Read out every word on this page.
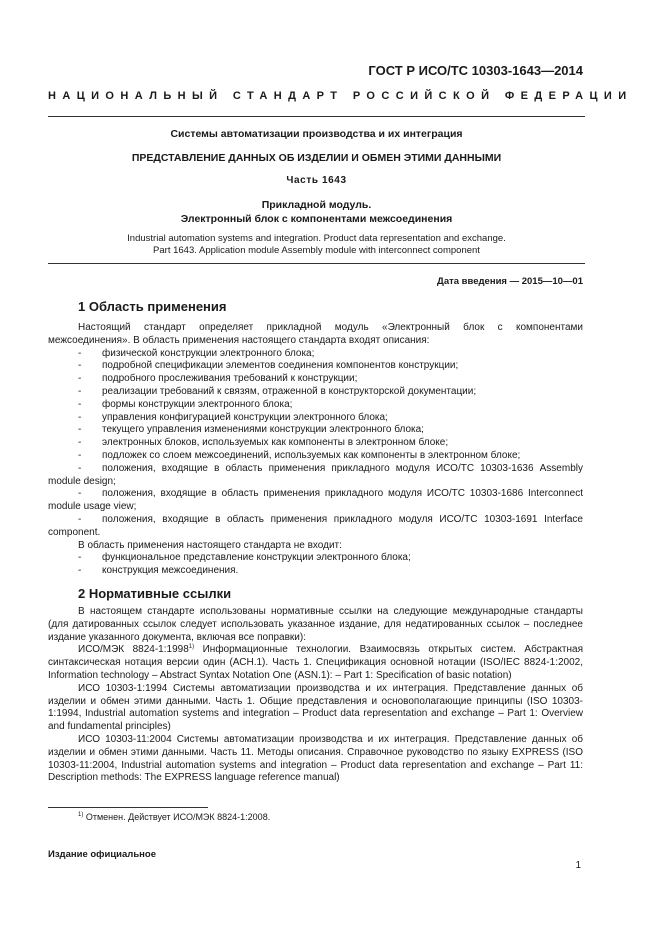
ГОСТ Р ИСО/ТС 10303-1643—2014
НАЦИОНАЛЬНЫЙ СТАНДАРТ РОССИЙСКОЙ ФЕДЕРАЦИИ
Системы автоматизации производства и их интеграция
ПРЕДСТАВЛЕНИЕ ДАННЫХ ОБ ИЗДЕЛИИ И ОБМЕН ЭТИМИ ДАННЫМИ
Часть 1643
Прикладной модуль.
Электронный блок с компонентами межсоединения
Industrial automation systems and integration. Product data representation and exchange.
Part 1643. Application module Assembly module with interconnect component
Дата введения — 2015—10—01
1 Область применения

Настоящий стандарт определяет прикладной модуль «Электронный блок с компонентами межсоединения». В область применения настоящего стандарта входят описания:

- физической конструкции электронного блока;

- подробной спецификации элементов соединения компонентов конструкции;

- подробного прослеживания требований к конструкции;

- реализации требований к связям, отраженной в конструкторской документации;

- формы конструкции электронного блока;

- управления конфигурацией конструкции электронного блока;

- текущего управления изменениями конструкции электронного блока;

- электронных блоков, используемых как компоненты в электронном блоке;

- подложек со слоем межсоединений, используемых как компоненты в электронном блоке;

- положения, входящие в область применения прикладного модуля ИСО/ТС 10303-1636 Assembly module design;

- положения, входящие в область применения прикладного модуля ИСО/ТС 10303-1686 Interconnect module usage view;

- положения, входящие в область применения прикладного модуля ИСО/ТС 10303-1691 Interface component.

В область применения настоящего стандарта не входит:

- функциональное представление конструкции электронного блока;

- конструкция межсоединения.

2 Нормативные ссылки

В настоящем стандарте использованы нормативные ссылки на следующие международные стандарты (для датированных ссылок следует использовать указанное издание, для недатированных ссылок – последнее издание указанного документа, включая все поправки):

ИСО/МЭК 8824-1:1998$^{1)}$ Информационные технологии. Взаимосвязь открытых систем. Абстрактная синтаксическая нотация версии один (АСН.1). Часть 1. Спецификация основной нотации (ISO/IEC 8824-1:2002, Information technology – Abstract Syntax Notation One (ASN.1): – Part 1: Specification of basic notation)

ИСО 10303-1:1994 Системы автоматизации производства и их интеграция. Представление данных об изделии и обмен этими данными. Часть 1. Общие представления и основополагающие принципы (ISO 10303-1:1994, Industrial automation systems and integration – Product data representation and exchange – Part 1: Overview and fundamental principles)

ИСО 10303-11:2004 Системы автоматизации производства и их интеграция. Представление данных об изделии и обмен этими данными. Часть 11. Методы описания. Справочное руководство по языку EXPRESS (ISO 10303-11:2004, Industrial automation systems and integration – Product data representation and exchange – Part 11: Description methods: The EXPRESS language reference manual)

$^{1)}$ Отменен. Действует ИСО/МЭК 8824-1:2008.
Издание официальное
1
